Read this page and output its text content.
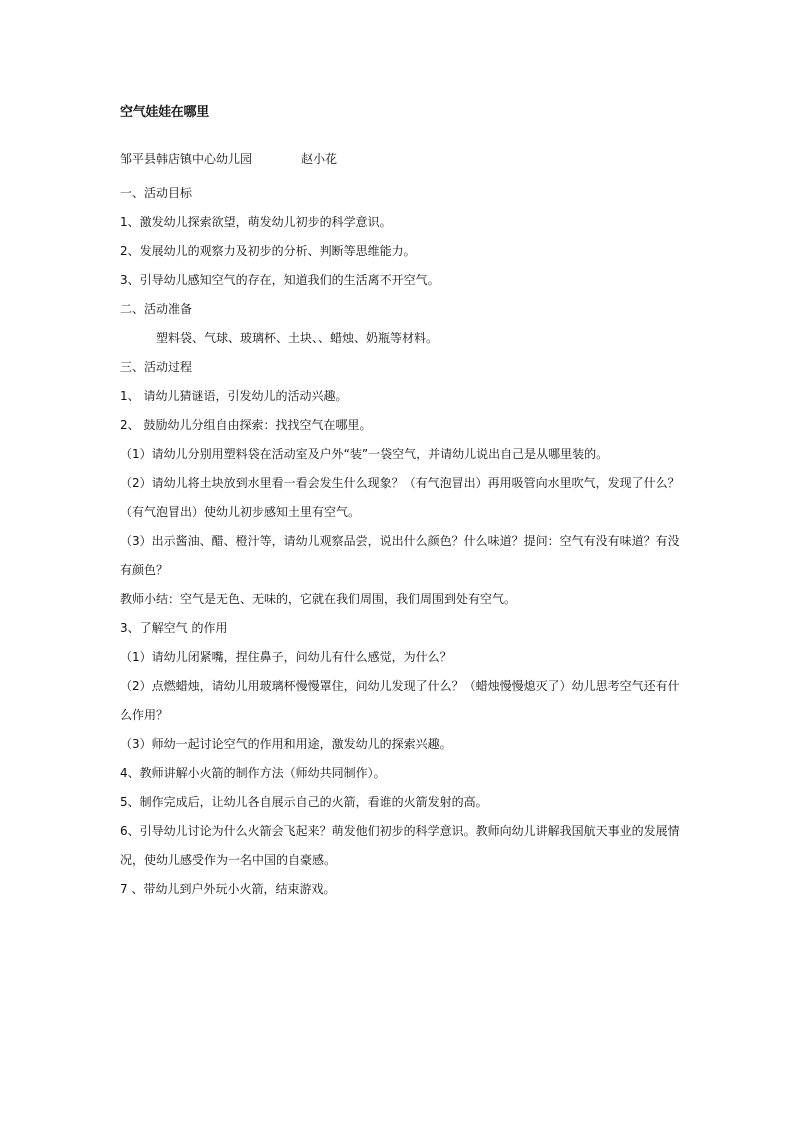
空气娃娃在哪里
邹平县韩店镇中心幼儿园	赵小花
一、活动目标
1、激发幼儿探索欲望，萌发幼儿初步的科学意识。
2、发展幼儿的观察力及初步的分析、判断等思维能力。
3、引导幼儿感知空气的存在，知道我们的生活离不开空气。
二、活动准备
塑料袋、气球、玻璃杯、土块、、蜡烛、奶瓶等材料。
三、活动过程
1、 请幼儿猜谜语，引发幼儿的活动兴趣。
2、 鼓励幼儿分组自由探索：找找空气在哪里。
（1）请幼儿分别用塑料袋在活动室及户外“装”一袋空气，并请幼儿说出自己是从哪里装的。
（2）请幼儿将土块放到水里看一看会发生什么现象？（有气泡冒出）再用吸管向水里吹气，发现了什么？
（有气泡冒出）使幼儿初步感知土里有空气。
（3）出示酱油、醋、橙汁等，请幼儿观察品尝，说出什么颜色？什么味道？提问：空气有没有味道？有没
有颜色？
教师小结：空气是无色、无味的，它就在我们周围，我们周围到处有空气。
3、了解空气 的作用
（1）请幼儿闭紧嘴，捏住鼻子，问幼儿有什么感觉，为什么？
（2）点燃蜡烛，请幼儿用玻璃杯慢慢罩住，问幼儿发现了什么？（蜡烛慢慢熄灭了）幼儿思考空气还有什
么作用？
（3）师幼一起讨论空气的作用和用途，激发幼儿的探索兴趣。
4、教师讲解小火箭的制作方法（师幼共同制作）。
5、制作完成后，让幼儿各自展示自己的火箭，看谁的火箭发射的高。
6、引导幼儿讨论为什么火箭会飞起来？萌发他们初步的科学意识。教师向幼儿讲解我国航天事业的发展情
况，使幼儿感受作为一名中国的自豪感。
7 、带幼儿到户外玩小火箭，结束游戏。
